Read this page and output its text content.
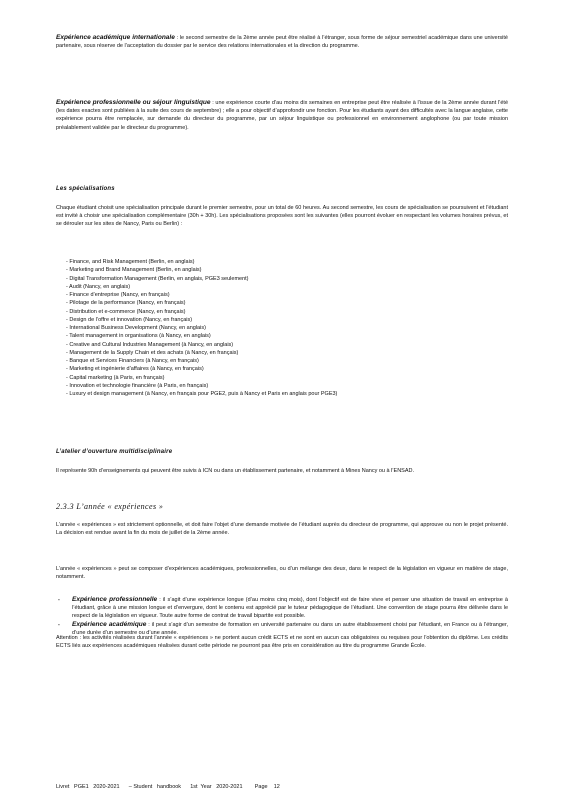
Expérience académique internationale : le second semestre de la 2ème année peut être réalisé à l’étranger, sous forme de séjour semestriel académique dans une université partenaire, sous réserve de l’acceptation du dossier par le service des relations internationales et la direction du programme.

Expérience professionnelle ou séjour linguistique : une expérience courte d’au moins dix semaines en entreprise peut être réalisée à l’issue de la 2ème année durant l’été (les dates exactes sont publiées à la suite des cours de septembre) ; elle a pour objectif d’approfondir une fonction. Pour les étudiants ayant des difficultés avec la langue anglaise, cette expérience pourra être remplacée, sur demande du directeur du programme, par un séjour linguistique ou professionnel en environnement anglophone (ou par toute mission préalablement validée par le directeur du programme).

Les spécialisations

Chaque étudiant choisit une spécialisation principale durant le premier semestre, pour un total de 60 heures. Au second semestre, les cours de spécialisation se poursuivent et l’étudiant est invité à choisir une spécialisation complémentaire (30h + 30h). Les spécialisations proposées sont les suivantes (elles pourront évoluer en respectant les volumes horaires prévus, et se dérouler sur les sites de Nancy, Paris ou Berlin) :

- Finance, and Risk Management (Berlin, en anglais)
- Marketing and Brand Management (Berlin, en anglais)
- Digital Transformation Management (Berlin, en anglais, PGE3 seulement)
- Audit (Nancy, en anglais)
- Finance d’entreprise (Nancy, en français)
- Pilotage de la performance (Nancy, en français)
- Distribution et e-commerce (Nancy, en français)
- Design de l’offre et innovation (Nancy, en français)
- International Business Development (Nancy, en anglais)
- Talent management in organisations (à Nancy, en anglais)
- Creative and Cultural Industries Management (à Nancy, en anglais)
- Management de la Supply Chain et des achats (à Nancy, en français)
- Banque et Services Financiers (à Nancy, en français)
- Marketing et ingénierie d’affaires (à Nancy, en français)
- Capital marketing (à Paris, en français)
- Innovation et technologie financière (à Paris, en français)
- Luxury et design management (à Nancy, en français pour PGE2, puis à Nancy et Paris en anglais pour PGE3)

L’atelier d’ouverture multidisciplinaire

Il représente 90h d’enseignements qui peuvent être suivis à ICN ou dans un établissement partenaire, et notamment à Mines Nancy ou à l’ENSAD.

2.3.3 L’année « expériences »

L’année « expériences » est strictement optionnelle, et doit faire l’objet d’une demande motivée de l’étudiant auprès du directeur de programme, qui approuve ou non le projet présenté. La décision est rendue avant la fin du mois de juillet de la 2ème année.

L’année « expériences » peut se composer d’expériences académiques, professionnelles, ou d’un mélange des deux, dans le respect de la législation en vigueur en matière de stage, notamment.

- Expérience professionnelle : il s’agit d’une expérience longue (d’au moins cinq mois), dont l’objectif est de faire vivre et penser une situation de travail en entreprise à l’étudiant, grâce à une mission longue et d’envergure, dont le contenu est apprécié par le tuteur pédagogique de l’étudiant. Une convention de stage pourra être délivrée dans le respect de la législation en vigueur. Toute autre forme de contrat de travail bipartite est possible.
- Expérience académique : il peut s’agir d’un semestre de formation en université partenaire ou dans un autre établissement choisi par l’étudiant, en France ou à l’étranger, d’une durée d’un semestre ou d’une année.

Attention : les activités réalisées durant l’année « expériences » ne portent aucun crédit ECTS et ne sont en aucun cas obligatoires ou requises pour l’obtention du diplôme. Les crédits ECTS liés aux expériences académiques réalisées durant cette période ne pourront pas être pris en considération au titre du programme Grande École.

Livret   PGE1   2020-2021      – Student   handbook      1st  Year   2020-2021        Page    12
